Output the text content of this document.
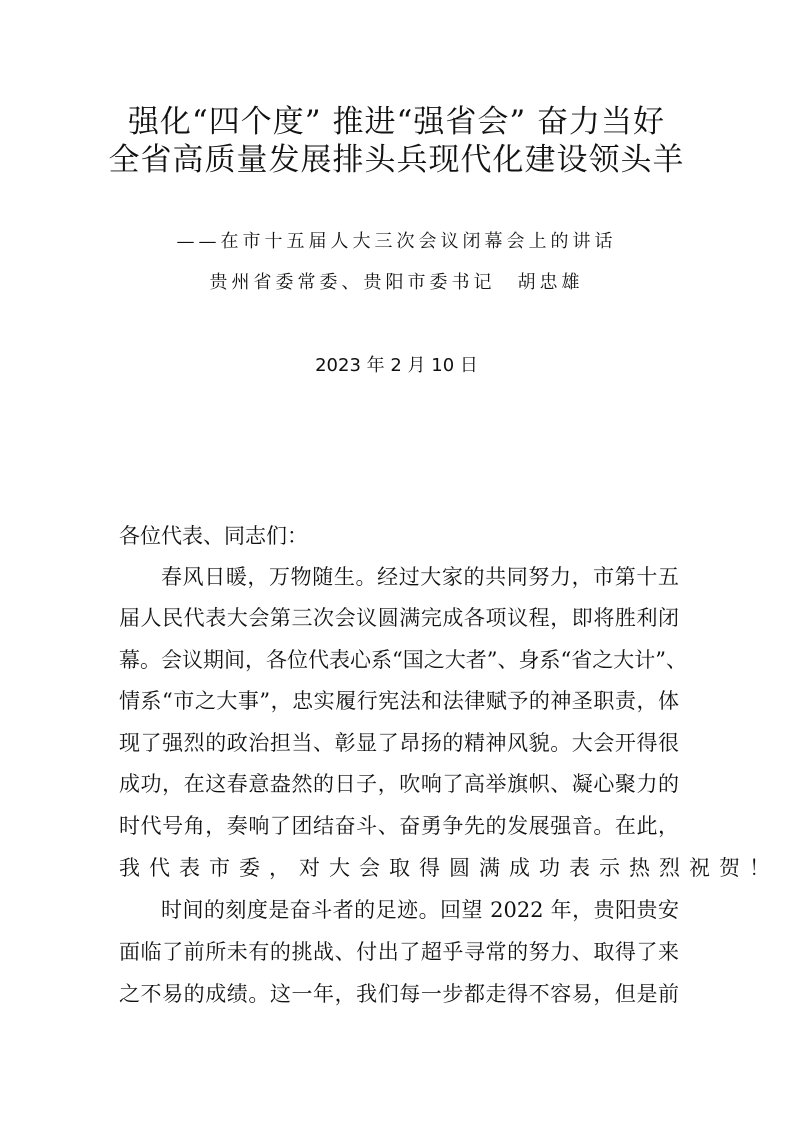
强化“四个度” 推进“强省会” 奋力当好
全省高质量发展排头兵现代化建设领头羊
——在市十五届人大三次会议闭幕会上的讲话
贵州省委常委、贵阳市委书记　胡忠雄
2023 年 2 月 10 日
各位代表、同志们：
春风日暖，万物随生。经过大家的共同努力，市第十五
届人民代表大会第三次会议圆满完成各项议程，即将胜利闭
幕。会议期间，各位代表心系“国之大者”、身系“省之大计”、
情系“市之大事”，忠实履行宪法和法律赋予的神圣职责，体
现了强烈的政治担当、彰显了昂扬的精神风貌。大会开得很
成功，在这春意盎然的日子，吹响了高举旗帜、凝心聚力的
时代号角，奏响了团结奋斗、奋勇争先的发展强音。在此，
我代表市委，对大会取得圆满成功表示热烈祝贺！
时间的刻度是奋斗者的足迹。回望 2022 年，贵阳贵安
面临了前所未有的挑战、付出了超乎寻常的努力、取得了来
之不易的成绩。这一年，我们每一步都走得不容易，但是前
